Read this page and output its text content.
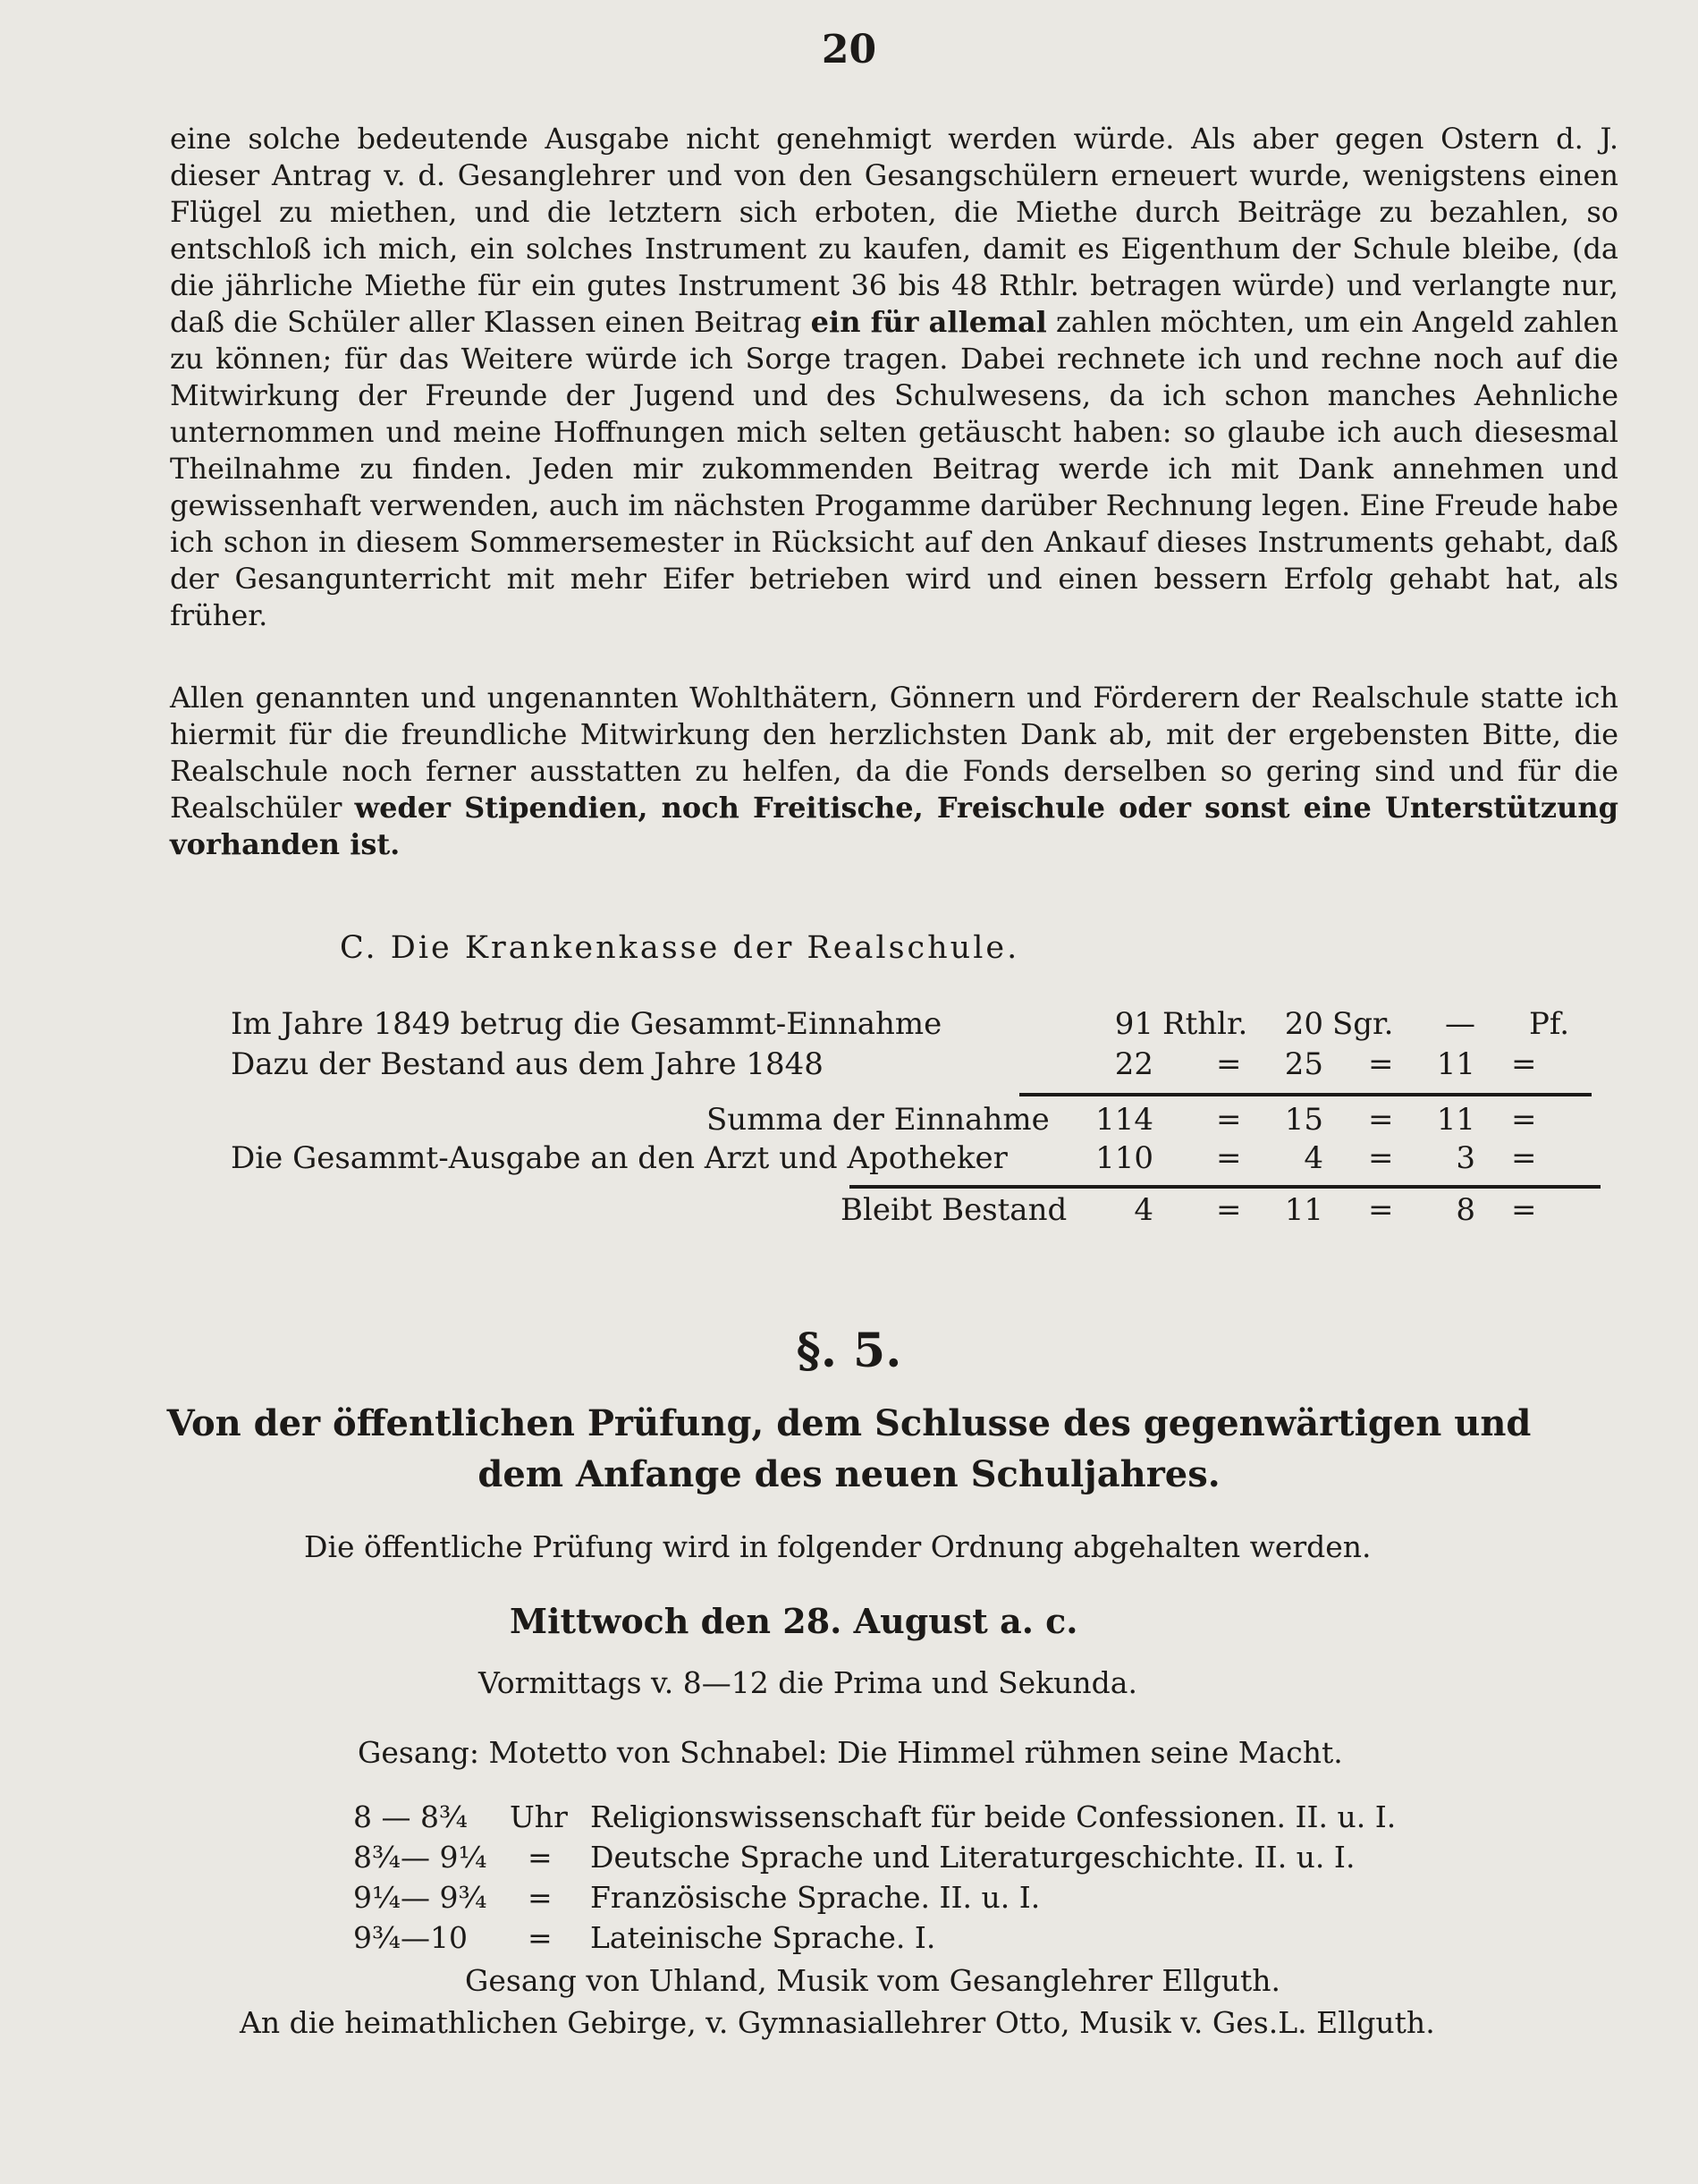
20
eine solche bedeutende Ausgabe nicht genehmigt werden würde. Als aber gegen Ostern d. J. dieser Antrag v. d. Gesanglehrer und von den Gesangschülern erneuert wurde, wenigstens einen Flügel zu miethen, und die letztern sich erboten, die Miethe durch Beiträge zu bezahlen, so entschloß ich mich, ein solches Instrument zu kaufen, damit es Eigenthum der Schule bleibe, (da die jährliche Miethe für ein gutes Instrument 36 bis 48 Rthlr. betragen würde) und verlangte nur, daß die Schüler aller Klassen einen Beitrag ein für allemal zahlen möchten, um ein Angeld zahlen zu können; für das Weitere würde ich Sorge tragen. Dabei rechnete ich und rechne noch auf die Mitwirkung der Freunde der Jugend und des Schulwesens, da ich schon manches Aehnliche unternommen und meine Hoffnungen mich selten getäuscht haben: so glaube ich auch diesesmal Theilnahme zu finden. Jeden mir zukommenden Beitrag werde ich mit Dank annehmen und gewissenhaft verwenden, auch im nächsten Progamme darüber Rechnung legen. Eine Freude habe ich schon in diesem Sommersemester in Rücksicht auf den Ankauf dieses Instruments gehabt, daß der Gesangunterricht mit mehr Eifer betrieben wird und einen bessern Erfolg gehabt hat, als früher.
Allen genannten und ungenannten Wohlthätern, Gönnern und Förderern der Realschule statte ich hiermit für die freundliche Mitwirkung den herzlichsten Dank ab, mit der ergebensten Bitte, die Realschule noch ferner ausstatten zu helfen, da die Fonds derselben so gering sind und für die Realschüler weder Stipendien, noch Freitische, Freischule oder sonst eine Unterstützung vorhanden ist.
C. Die Krankenkasse der Realschule.
Im Jahre 1849 betrug die Gesammt-Einnahme	91 Rthlr.	20 Sgr.	— Pf.
Dazu der Bestand aus dem Jahre 1848	22 =	25 =	11 =
Summa der Einnahme	114 =	15 =	11 =
Die Gesammt-Ausgabe an den Arzt und Apotheker	110 =	4 =	3 =
Bleibt Bestand	4 =	11 =	8 =
§. 5.
Von der öffentlichen Prüfung, dem Schlusse des gegenwärtigen und
dem Anfange des neuen Schuljahres.
Die öffentliche Prüfung wird in folgender Ordnung abgehalten werden.
Mittwoch den 28. August a. c.
Vormittags v. 8—12 die Prima und Sekunda.
Gesang: Motetto von Schnabel: Die Himmel rühmen seine Macht.
8 — 8¾ Uhr Religionswissenschaft für beide Confessionen. II. u. I.
8¾— 9¼ = Deutsche Sprache und Literaturgeschichte. II. u. I.
9¼— 9¾ = Französische Sprache. II. u. I.
9¾—10 = Lateinische Sprache. I.
Gesang von Uhland, Musik vom Gesanglehrer Ellguth.
An die heimathlichen Gebirge, v. Gymnasiallehrer Otto, Musik v. Ges.L. Ellguth.
